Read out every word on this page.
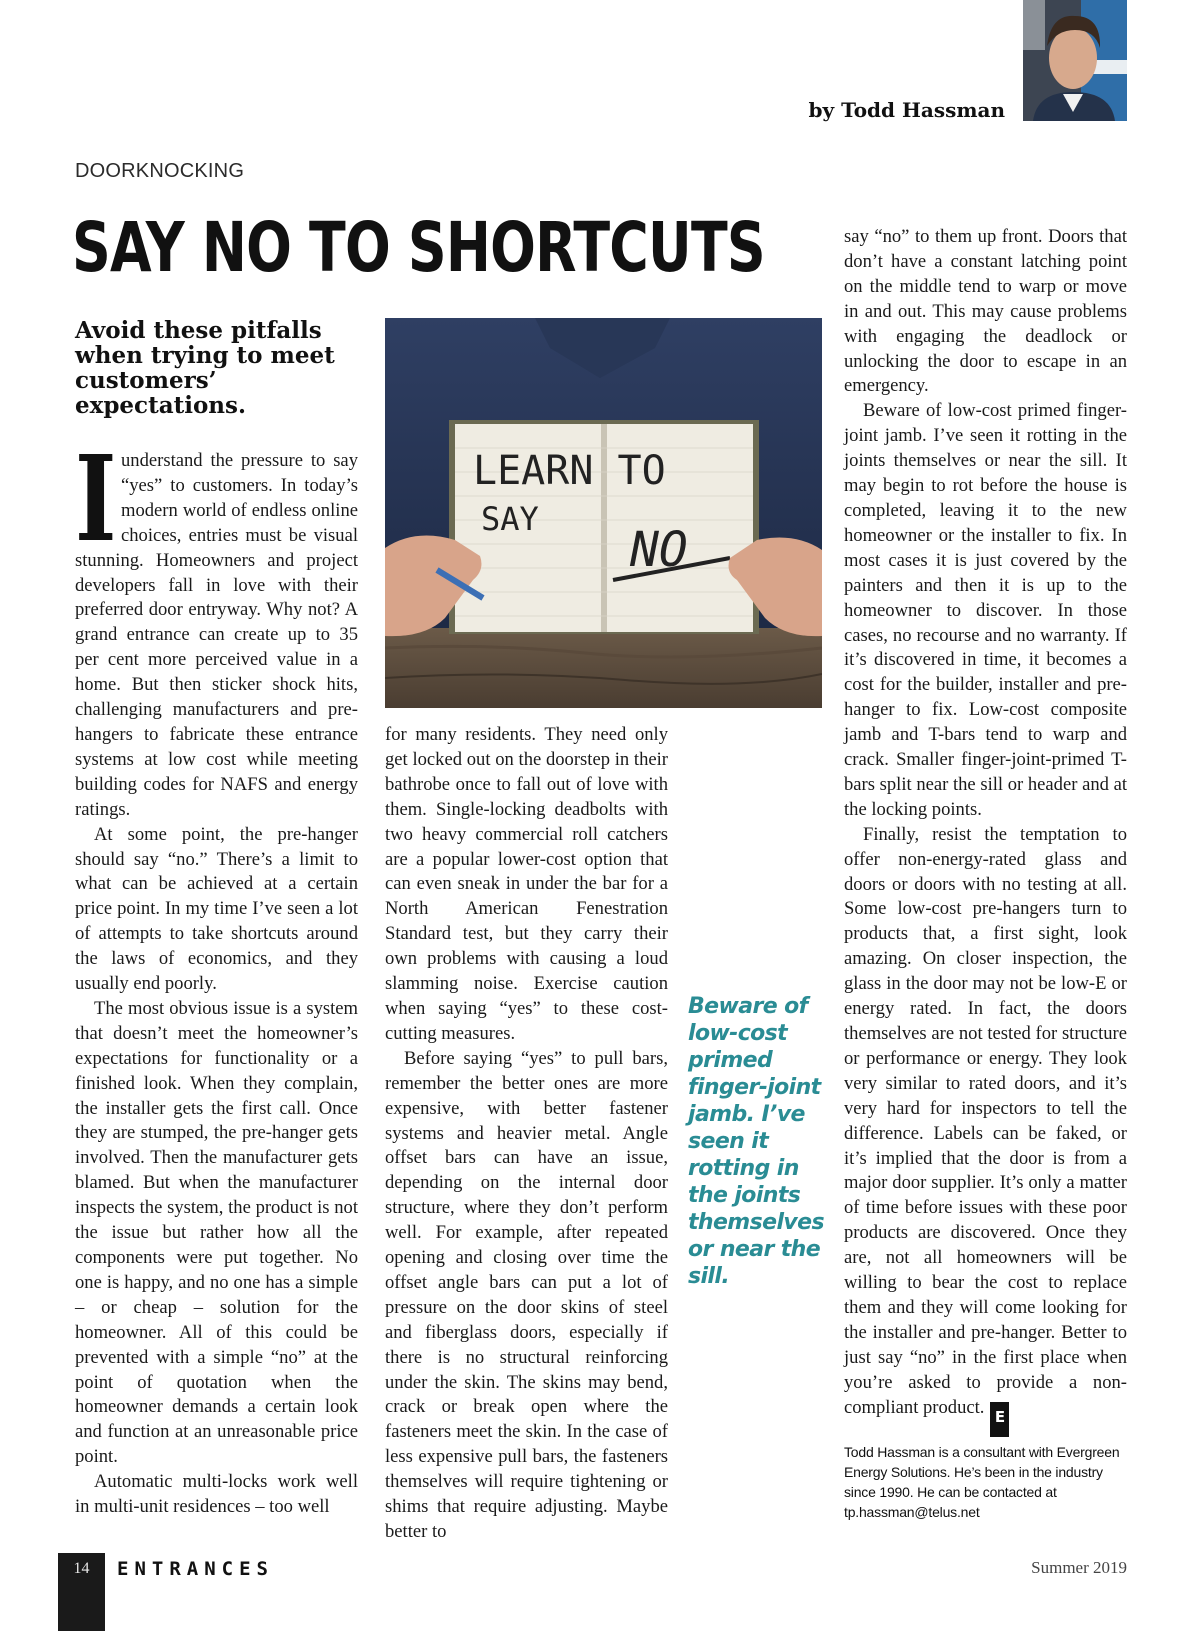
by Todd Hassman
DOORKNOCKING
SAY NO TO SHORTCUTS
Avoid these pitfalls when trying to meet customers’ expectations.
LEARN TO
SAY
NO

Iunderstand the pressure to say “yes” to customers. In today’s modern world of endless online choices, entries must be visual stunning. Homeowners and project developers fall in love with their preferred door entryway. Why not? A grand entrance can create up to 35 per cent more perceived value in a home. But then sticker shock hits, challenging manufacturers and pre-hangers to fabricate these entrance systems at low cost while meeting building codes for NAFS and energy ratings.

At some point, the pre-hanger should say “no.” There’s a limit to what can be achieved at a certain price point. In my time I’ve seen a lot of attempts to take shortcuts around the laws of economics, and they usually end poorly.

The most obvious issue is a system that doesn’t meet the homeowner’s expectations for functionality or a finished look. When they complain, the installer gets the first call. Once they are stumped, the pre-hanger gets involved. Then the manufacturer gets blamed. But when the manufacturer inspects the system, the product is not the issue but rather how all the components were put together. No one is happy, and no one has a simple – or cheap – solution for the homeowner. All of this could be prevented with a simple “no” at the point of quotation when the homeowner demands a certain look and function at an unreasonable price point.

Automatic multi-locks work well in multi-unit residences – too well

for many residents. They need only get locked out on the doorstep in their bathrobe once to fall out of love with them. Single-locking deadbolts with two heavy commercial roll catchers are a popular lower-cost option that can even sneak in under the bar for a North American Fenestration Standard test, but they carry their own problems with causing a loud slamming noise. Exercise caution when saying “yes” to these cost-cutting measures.

Before saying “yes” to pull bars, remember the better ones are more expensive, with better fastener systems and heavier metal. Angle offset bars can have an issue, depending on the internal door structure, where they don’t perform well. For example, after repeated opening and closing over time the offset angle bars can put a lot of pressure on the door skins of steel and fiberglass doors, especially if there is no structural reinforcing under the skin. The skins may bend, crack or break open where the fasteners meet the skin. In the case of less expensive pull bars, the fasteners themselves will require tightening or shims that require adjusting. Maybe better to

Beware of low-cost primed finger-joint jamb. I’ve seen it rotting in the joints themselves or near the sill.

say “no” to them up front. Doors that don’t have a constant latching point on the middle tend to warp or move in and out. This may cause problems with engaging the deadlock or unlocking the door to escape in an emergency.

Beware of low-cost primed finger-joint jamb. I’ve seen it rotting in the joints themselves or near the sill. It may begin to rot before the house is completed, leaving it to the new homeowner or the installer to fix. In most cases it is just covered by the painters and then it is up to the homeowner to discover. In those cases, no recourse and no warranty. If it’s discovered in time, it becomes a cost for the builder, installer and pre-hanger to fix. Low-cost composite jamb and T-bars tend to warp and crack. Smaller finger-joint-primed T-bars split near the sill or header and at the locking points.

Finally, resist the temptation to offer non-energy-rated glass and doors or doors with no testing at all. Some low-cost pre-hangers turn to products that, a first sight, look amazing. On closer inspection, the glass in the door may not be low-E or energy rated. In fact, the doors themselves are not tested for structure or performance or energy. They look very similar to rated doors, and it’s very hard for inspectors to tell the difference. Labels can be faked, or it’s implied that the door is from a major door supplier. It’s only a matter of time before issues with these poor products are discovered. Once they are, not all homeowners will be willing to bear the cost to replace them and they will come looking for the installer and pre-hanger. Better to just say “no” in the first place when you’re asked to provide a non-compliant product. E

Todd Hassman is a consultant with Evergreen Energy Solutions. He’s been in the industry since 1990. He can be contacted at tp.hassman@telus.net
14	ENTRANCES	Summer 2019
